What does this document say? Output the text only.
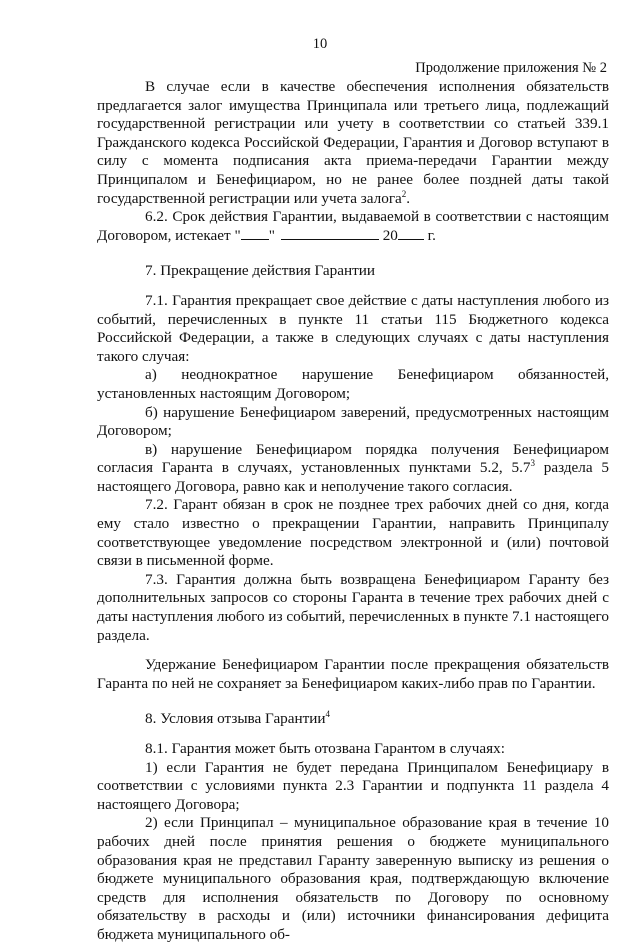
10
Продолжение приложения № 2

В случае если в качестве обеспечения исполнения обязательств предлагается залог имущества Принципала или третьего лица, подлежащий государственной регистрации или учету в соответствии со статьей 339.1 Гражданского кодекса Российской Федерации, Гарантия и Договор вступают в силу с момента подписания акта приема-передачи Гарантии между Принципалом и Бенефициаром, но не ранее более поздней даты такой государственной регистрации или учета залога$^2$.

6.2. Срок действия Гарантии, выдаваемой в соответствии с настоящим Договором, истекает " "	20 г.

7. Прекращение действия Гарантии

7.1. Гарантия прекращает свое действие с даты наступления любого из событий, перечисленных в пункте 11 статьи 115 Бюджетного кодекса Российской Федерации, а также в следующих случаях с даты наступления такого случая:

а) неоднократное нарушение Бенефициаром обязанностей, установленных настоящим Договором;

б) нарушение Бенефициаром заверений, предусмотренных настоящим Договором;

в) нарушение Бенефициаром порядка получения Бенефициаром согласия Гаранта в случаях, установленных пунктами 5.2, $5.7^3$ раздела 5 настоящего Договора, равно как и неполучение такого согласия.

7.2. Гарант обязан в срок не позднее трех рабочих дней со дня, когда ему стало известно о прекращении Гарантии, направить Принципалу соответствующее уведомление посредством электронной и (или) почтовой связи в письменной форме.

7.3. Гарантия должна быть возвращена Бенефициаром Гаранту без дополнительных запросов со стороны Гаранта в течение трех рабочих дней с даты наступления любого из событий, перечисленных в пункте 7.1 настоящего раздела.

Удержание Бенефициаром Гарантии после прекращения обязательств Гаранта по ней не сохраняет за Бенефициаром каких-либо прав по Гарантии.

8. Условия отзыва Гарантии$^4$

8.1. Гарантия может быть отозвана Гарантом в случаях:

1) если Гарантия не будет передана Принципалом Бенефициару в соответствии с условиями пункта 2.3 Гарантии и подпункта 11 раздела 4 настоящего Договора;

2) если Принципал – муниципальное образование края в течение 10 рабочих дней после принятия решения о бюджете муниципального образования края не представил Гаранту заверенную выписку из решения о бюджете муниципального образования края, подтверждающую включение средств для исполнения обязательств по Договору по основному обязательству в расходы и (или) источники финансирования дефицита бюджета муниципального об-
